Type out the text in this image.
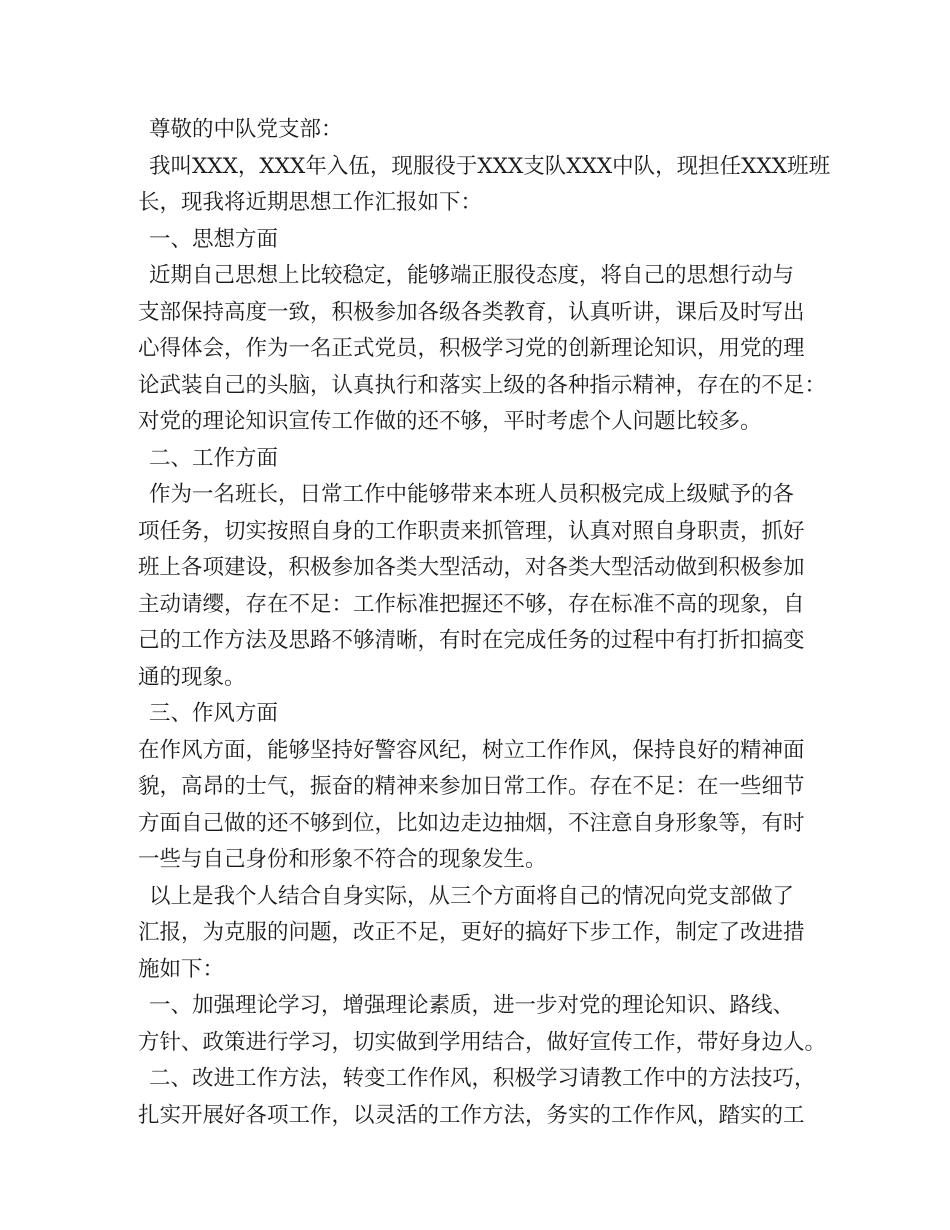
尊敬的中队党支部：
我叫XXX，XXX年入伍，现服役于XXX支队XXX中队，现担任XXX班班
长，现我将近期思想工作汇报如下：
一、思想方面
近期自己思想上比较稳定，能够端正服役态度，将自己的思想行动与
支部保持高度一致，积极参加各级各类教育，认真听讲，课后及时写出
心得体会，作为一名正式党员，积极学习党的创新理论知识，用党的理
论武装自己的头脑，认真执行和落实上级的各种指示精神，存在的不足：
对党的理论知识宣传工作做的还不够，平时考虑个人问题比较多。
二、工作方面
作为一名班长，日常工作中能够带来本班人员积极完成上级赋予的各
项任务，切实按照自身的工作职责来抓管理，认真对照自身职责，抓好
班上各项建设，积极参加各类大型活动，对各类大型活动做到积极参加
主动请缨，存在不足：工作标准把握还不够，存在标准不高的现象，自
己的工作方法及思路不够清晰，有时在完成任务的过程中有打折扣搞变
通的现象。
三、作风方面
在作风方面，能够坚持好警容风纪，树立工作作风，保持良好的精神面
貌，高昂的士气，振奋的精神来参加日常工作。存在不足：在一些细节
方面自己做的还不够到位，比如边走边抽烟，不注意自身形象等，有时
一些与自己身份和形象不符合的现象发生。
以上是我个人结合自身实际，从三个方面将自己的情况向党支部做了
汇报，为克服的问题，改正不足，更好的搞好下步工作，制定了改进措
施如下：
一、加强理论学习，增强理论素质，进一步对党的理论知识、路线、
方针、政策进行学习，切实做到学用结合，做好宣传工作，带好身边人。
二、改进工作方法，转变工作作风，积极学习请教工作中的方法技巧，
扎实开展好各项工作，以灵活的工作方法，务实的工作作风，踏实的工
